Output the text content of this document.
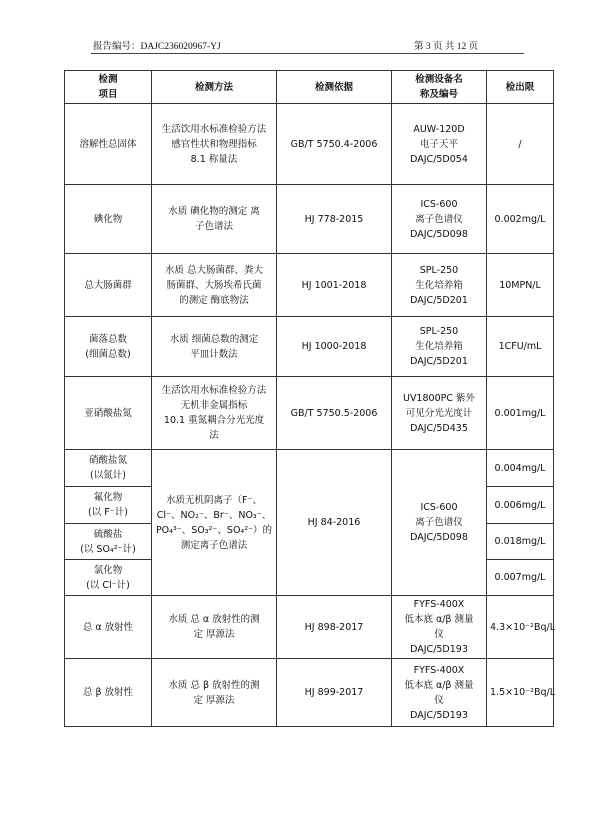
报告编号：DAJC236020967-YJ	第 3 页 共 12 页
检测
项目	检测方法	检测依据	检测设备名
称及编号	检出限
溶解性总固体	生活饮用水标准检验方法
感官性状和物理指标
8.1 称量法	GB/T 5750.4-2006	AUW-120D
电子天平
DAJC/5D054	/
碘化物	水质 碘化物的测定 离
子色谱法	HJ 778-2015	ICS-600
离子色谱仪
DAJC/5D098	0.002mg/L
总大肠菌群	水质 总大肠菌群、粪大
肠菌群、大肠埃希氏菌
的测定 酶底物法	HJ 1001-2018	SPL-250
生化培养箱
DAJC/5D201	10MPN/L
菌落总数
(细菌总数)	水质 细菌总数的测定
平皿计数法	HJ 1000-2018	SPL-250
生化培养箱
DAJC/5D201	1CFU/mL
亚硝酸盐氮	生活饮用水标准检验方法
无机非金属指标
10.1 重氮耦合分光光度
法	GB/T 5750.5-2006	UV1800PC 紫外
可见分光光度计
DAJC/5D435	0.001mg/L
硝酸盐氮
(以氮计)	水质无机阴离子（F⁻、
Cl⁻、NO₂⁻、Br⁻、NO₃⁻、
PO₄³⁻、SO₃²⁻、SO₄²⁻）的
测定离子色谱法	HJ 84-2016	ICS-600
离子色谱仪
DAJC/5D098	0.004mg/L
氟化物
(以 F⁻计)				0.006mg/L
硫酸盐
(以 SO₄²⁻计)				0.018mg/L
氯化物
(以 Cl⁻计)				0.007mg/L
总 α 放射性	水质 总 α 放射性的测
定 厚源法	HJ 898-2017	FYFS-400X
低本底 α/β 测量
仪
DAJC/5D193	4.3×10⁻²Bq/L
总 β 放射性	水质 总 β 放射性的测
定 厚源法	HJ 899-2017	FYFS-400X
低本底 α/β 测量
仪
DAJC/5D193	1.5×10⁻²Bq/L
